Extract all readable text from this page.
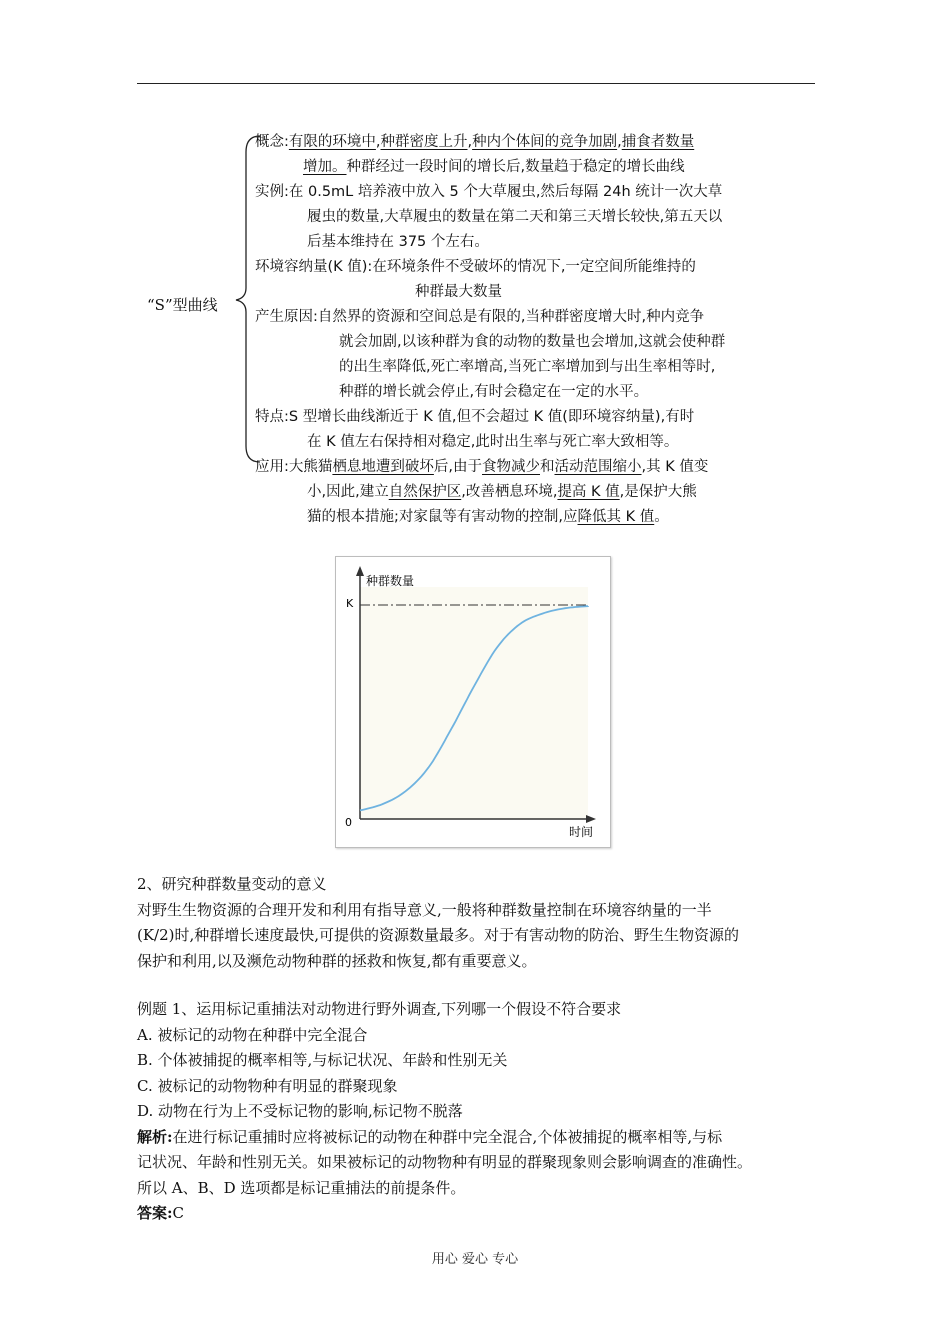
“S”型曲线
概念:有限的环境中,种群密度上升,种内个体间的竞争加剧,捕食者数量
增加。种群经过一段时间的增长后,数量趋于稳定的增长曲线
实例:在 0.5mL 培养液中放入 5 个大草履虫,然后每隔 24h 统计一次大草
履虫的数量,大草履虫的数量在第二天和第三天增长较快,第五天以
后基本维持在 375 个左右。
环境容纳量(K 值):在环境条件不受破坏的情况下,一定空间所能维持的
种群最大数量
产生原因:自然界的资源和空间总是有限的,当种群密度增大时,种内竞争
就会加剧,以该种群为食的动物的数量也会增加,这就会使种群
的出生率降低,死亡率增高,当死亡率增加到与出生率相等时,
种群的增长就会停止,有时会稳定在一定的水平。
特点:S 型增长曲线渐近于 K 值,但不会超过 K 值(即环境容纳量),有时
在 K 值左右保持相对稳定,此时出生率与死亡率大致相等。
应用:大熊猫栖息地遭到破坏后,由于食物减少和活动范围缩小,其 K 值变
小,因此,建立自然保护区,改善栖息环境,提高 K 值,是保护大熊
猫的根本措施;对家鼠等有害动物的控制,应降低其 K 值。
种群数量
时间
K
0
2、研究种群数量变动的意义
对野生生物资源的合理开发和利用有指导意义,一般将种群数量控制在环境容纳量的一半
(K/2)时,种群增长速度最快,可提供的资源数量最多。对于有害动物的防治、野生生物资源的
保护和利用,以及濒危动物种群的拯救和恢复,都有重要意义。
例题 1、运用标记重捕法对动物进行野外调查,下列哪一个假设不符合要求
A. 被标记的动物在种群中完全混合
B. 个体被捕捉的概率相等,与标记状况、年龄和性别无关
C. 被标记的动物物种有明显的群聚现象
D. 动物在行为上不受标记物的影响,标记物不脱落
解析:在进行标记重捕时应将被标记的动物在种群中完全混合,个体被捕捉的概率相等,与标
记状况、年龄和性别无关。如果被标记的动物物种有明显的群聚现象则会影响调查的准确性。
所以 A、B、D 选项都是标记重捕法的前提条件。
答案:C
用心 爱心 专心
